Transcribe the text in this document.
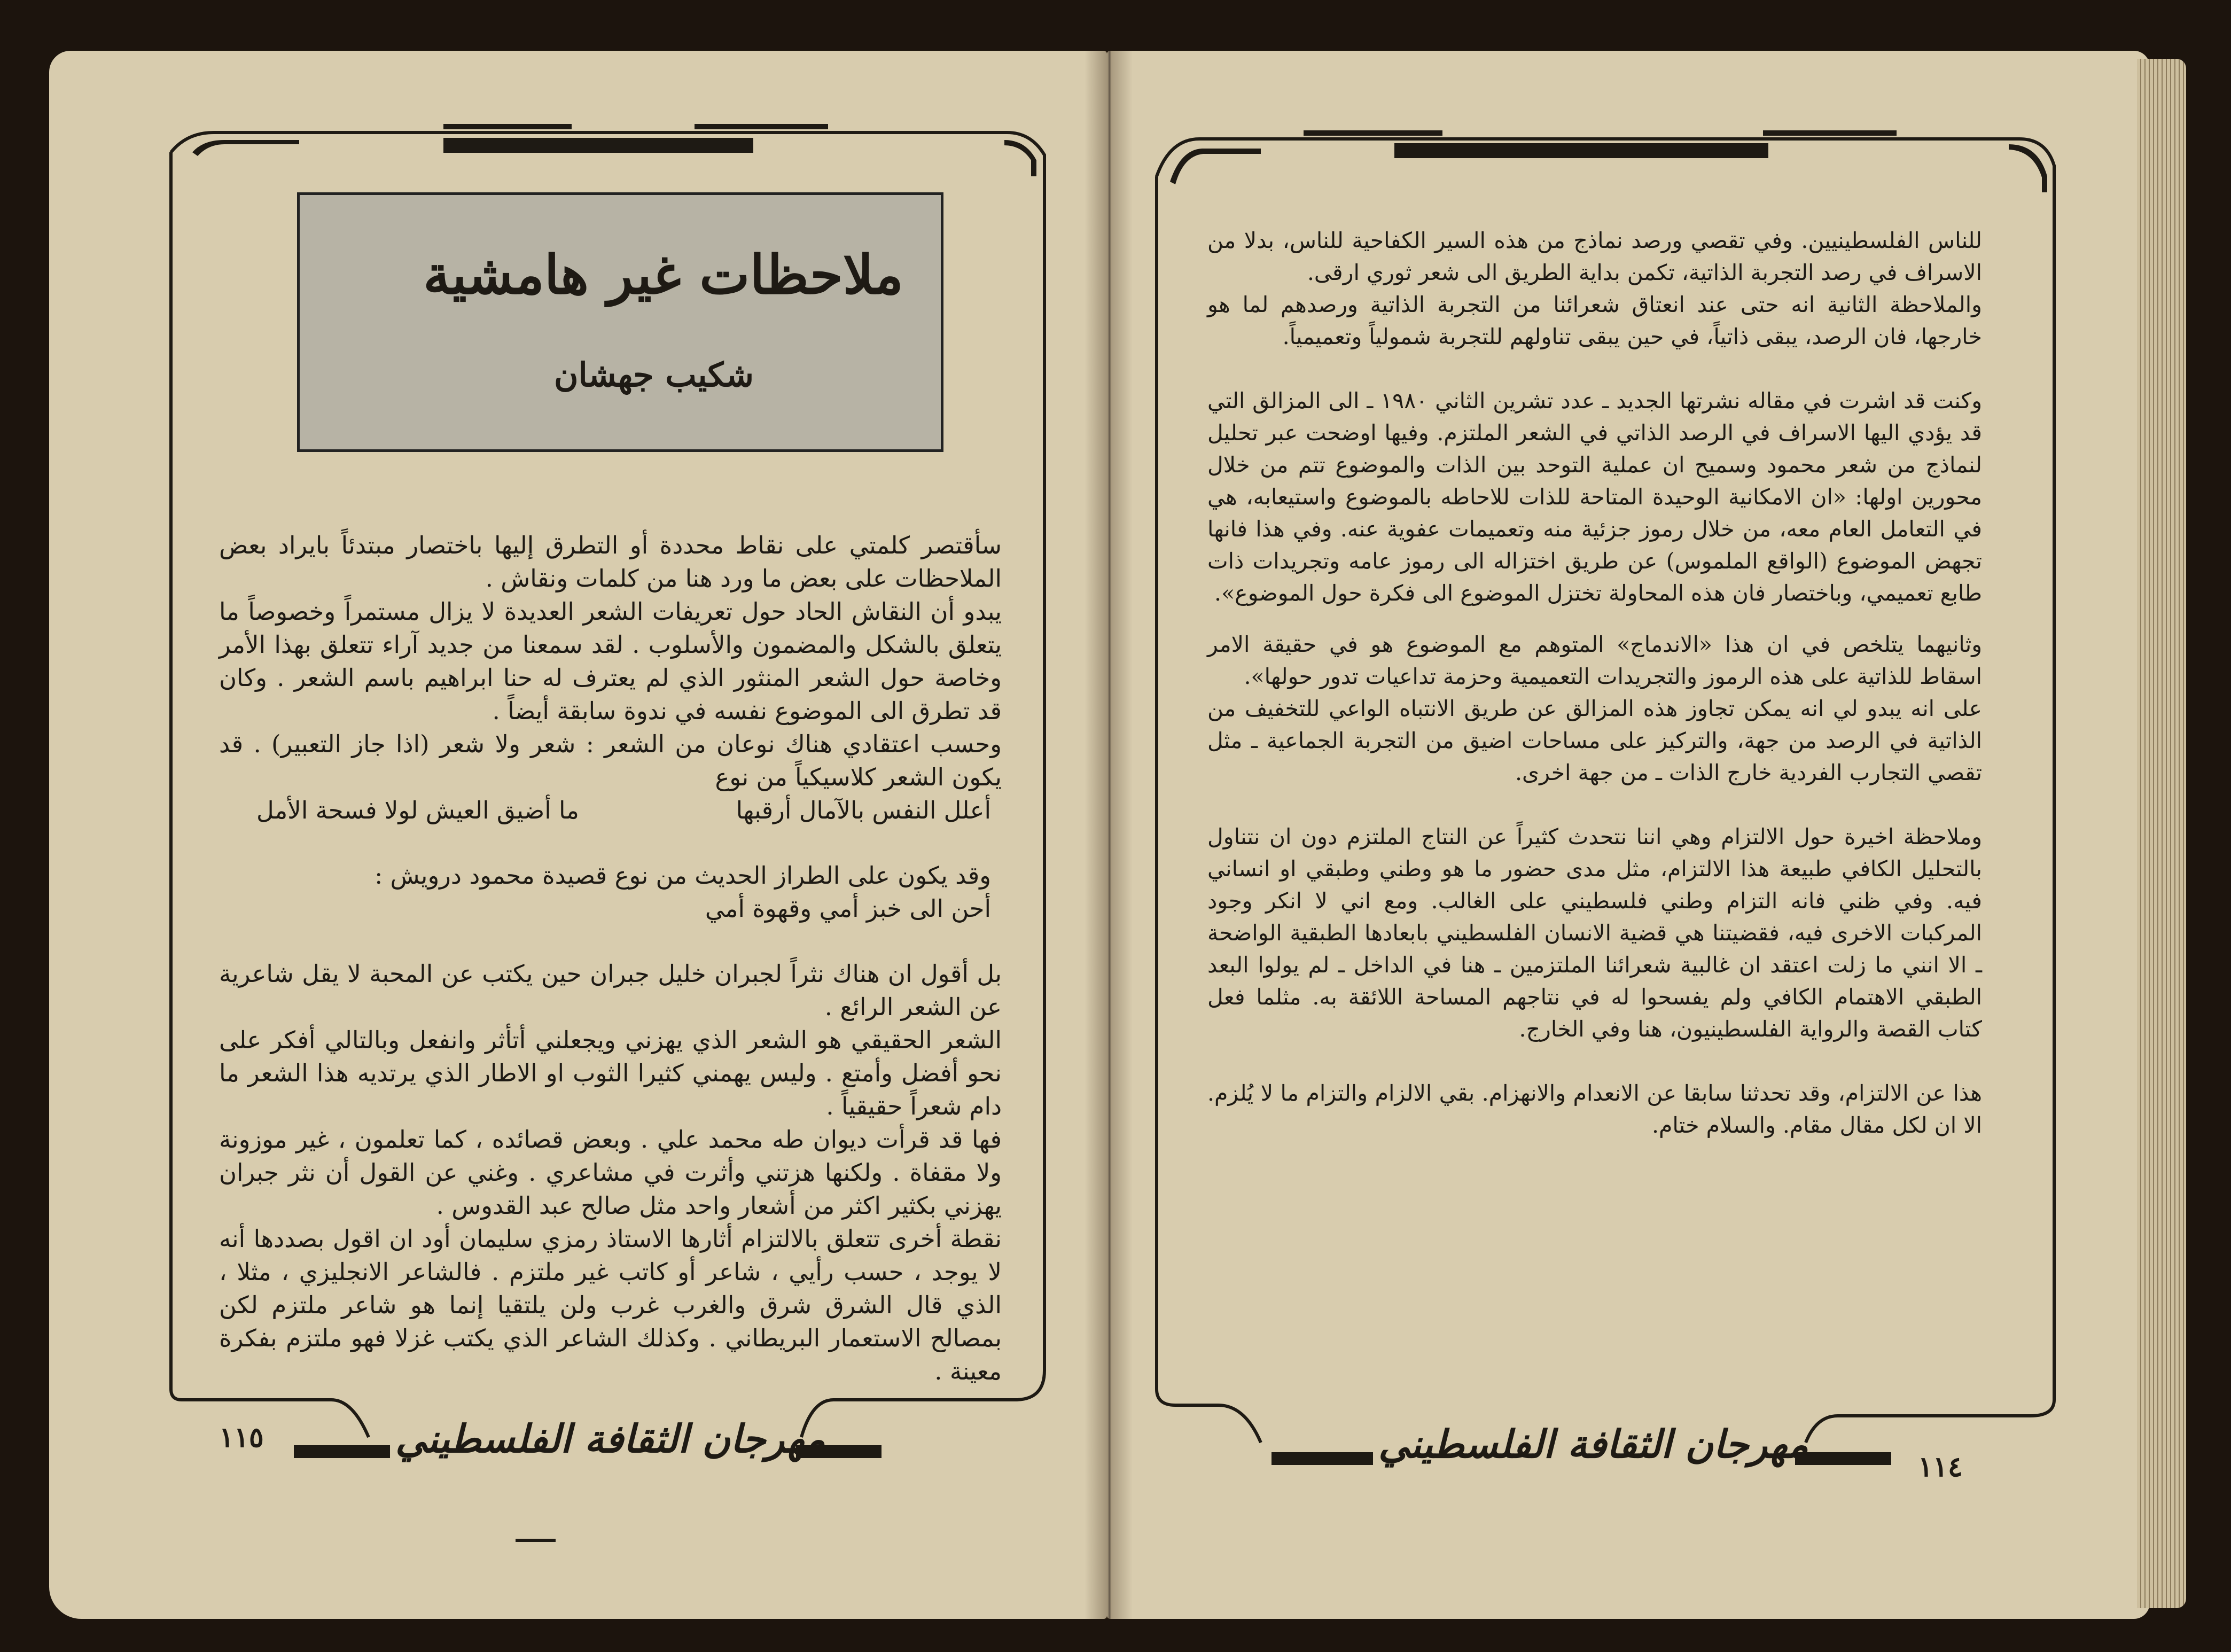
ملاحظات غير هامشية
شكيب جهشان

سأقتصر كلمتي على نقاط محددة أو التطرق إليها باختصار مبتدئاً بايراد بعض الملاحظات على بعض ما ورد هنا من كلمات ونقاش .

يبدو أن النقاش الحاد حول تعريفات الشعر العديدة لا يزال مستمراً وخصوصاً ما يتعلق بالشكل والمضمون والأسلوب . لقد سمعنا من جديد آراء تتعلق بهذا الأمر وخاصة حول الشعر المنثور الذي لم يعترف له حنا ابراهيم باسم الشعر . وكان قد تطرق الى الموضوع نفسه في ندوة سابقة أيضاً .

وحسب اعتقادي هناك نوعان من الشعر : شعر ولا شعر (اذا جاز التعبير) . قد يكون الشعر كلاسيكياً من نوع

أعلل النفس بالآمال أرقبها
ما أضيق العيش لولا فسحة الأمل

وقد يكون على الطراز الحديث من نوع قصيدة محمود درويش :

أحن الى خبز أمي وقهوة أمي

بل أقول ان هناك نثراً لجبران خليل جبران حين يكتب عن المحبة لا يقل شاعرية عن الشعر الرائع .

الشعر الحقيقي هو الشعر الذي يهزني ويجعلني أتأثر وانفعل وبالتالي أفكر على نحو أفضل وأمتع . وليس يهمني كثيرا الثوب او الاطار الذي يرتديه هذا الشعر ما دام شعراً حقيقياً .

فها قد قرأت ديوان طه محمد علي . وبعض قصائده ، كما تعلمون ، غير موزونة ولا مقفاة . ولكنها هزتني وأثرت في مشاعري . وغني عن القول أن نثر جبران يهزني بكثير اكثر من أشعار واحد مثل صالح عبد القدوس .

نقطة أخرى تتعلق بالالتزام أثارها الاستاذ رمزي سليمان أود ان اقول بصددها أنه لا يوجد ، حسب رأيي ، شاعر أو كاتب غير ملتزم . فالشاعر الانجليزي ، مثلا ، الذي قال الشرق شرق والغرب غرب ولن يلتقيا إنما هو شاعر ملتزم لكن بمصالح الاستعمار البريطاني . وكذلك الشاعر الذي يكتب غزلا فهو ملتزم بفكرة معينة .

١١٥	مهرجان الثقافة الفلسطيني

للناس الفلسطينيين. وفي تقصي ورصد نماذج من هذه السير الكفاحية للناس، بدلا من الاسراف في رصد التجربة الذاتية، تكمن بداية الطريق الى شعر ثوري ارقى.

والملاحظة الثانية انه حتى عند انعتاق شعرائنا من التجربة الذاتية ورصدهم لما هو خارجها، فان الرصد، يبقى ذاتياً، في حين يبقى تناولهم للتجربة شمولياً وتعميمياً.

وكنت قد اشرت في مقاله نشرتها الجديد ـ عدد تشرين الثاني ١٩٨٠ ـ الى المزالق التي قد يؤدي اليها الاسراف في الرصد الذاتي في الشعر الملتزم. وفيها اوضحت عبر تحليل لنماذج من شعر محمود وسميح ان عملية التوحد بين الذات والموضوع تتم من خلال محورين اولها: «ان الامكانية الوحيدة المتاحة للذات للاحاطه بالموضوع واستيعابه، هي في التعامل العام معه، من خلال رموز جزئية منه وتعميمات عفوية عنه. وفي هذا فانها تجهض الموضوع (الواقع الملموس) عن طريق اختزاله الى رموز عامه وتجريدات ذات طابع تعميمي، وباختصار فان هذه المحاولة تختزل الموضوع الى فكرة حول الموضوع».

وثانيهما يتلخص في ان هذا «الاندماج» المتوهم مع الموضوع هو في حقيقة الامر اسقاط للذاتية على هذه الرموز والتجريدات التعميمية وحزمة تداعيات تدور حولها».

على انه يبدو لي انه يمكن تجاوز هذه المزالق عن طريق الانتباه الواعي للتخفيف من الذاتية في الرصد من جهة، والتركيز على مساحات اضيق من التجربة الجماعية ـ مثل تقصي التجارب الفردية خارج الذات ـ من جهة اخرى.

وملاحظة اخيرة حول الالتزام وهي اننا نتحدث كثيراً عن النتاج الملتزم دون ان نتناول بالتحليل الكافي طبيعة هذا الالتزام، مثل مدى حضور ما هو وطني وطبقي او انساني فيه. وفي ظني فانه التزام وطني فلسطيني على الغالب. ومع اني لا انكر وجود المركبات الاخرى فيه، فقضيتنا هي قضية الانسان الفلسطيني بابعادها الطبقية الواضحة ـ الا انني ما زلت اعتقد ان غالبية شعرائنا الملتزمين ـ هنا في الداخل ـ لم يولوا البعد الطبقي الاهتمام الكافي ولم يفسحوا له في نتاجهم المساحة اللائقة به. مثلما فعل كتاب القصة والرواية الفلسطينيون، هنا وفي الخارج.

هذا عن الالتزام، وقد تحدثنا سابقا عن الانعدام والانهزام. بقي الالزام والتزام ما لا يُلزم. الا ان لكل مقال مقام. والسلام ختام.

١١٤
مهرجان الثقافة الفلسطيني
